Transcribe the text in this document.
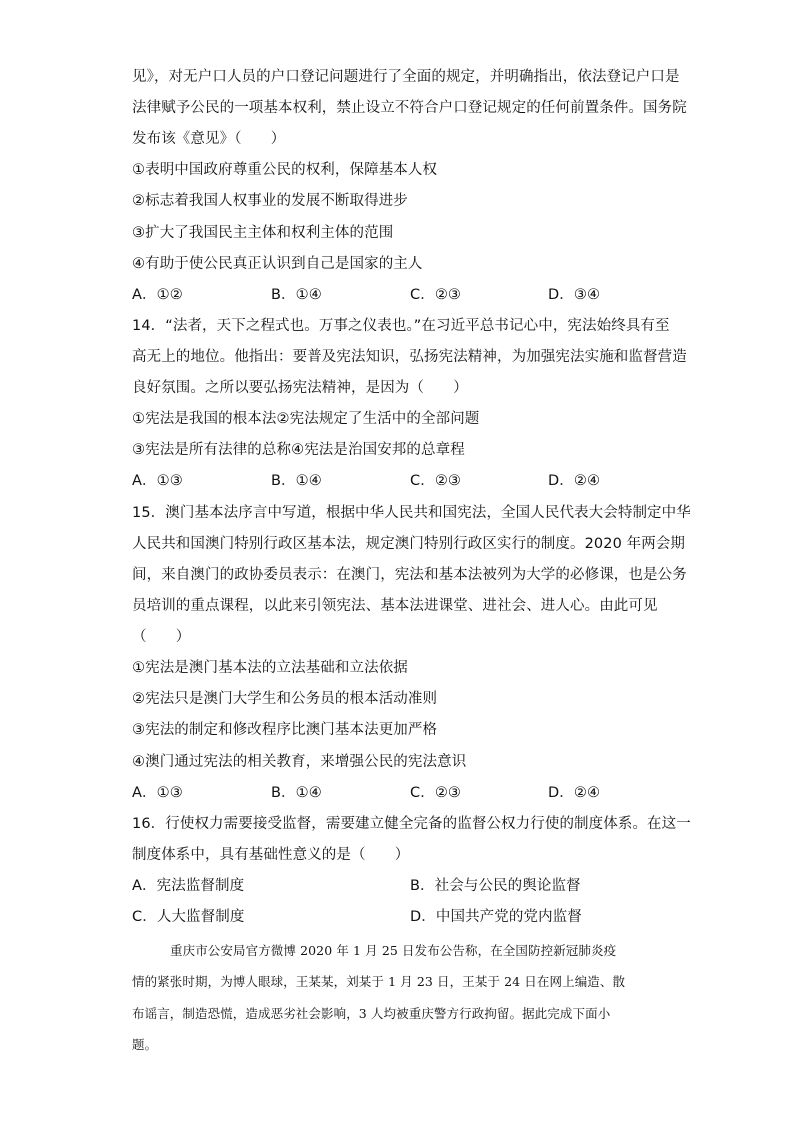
见》，对无户口人员的户口登记问题进行了全面的规定，并明确指出，依法登记户口是
法律赋予公民的一项基本权利，禁止设立不符合户口登记规定的任何前置条件。国务院
发布该《意见》（　　）
①表明中国政府尊重公民的权利，保障基本人权
②标志着我国人权事业的发展不断取得进步
③扩大了我国民主主体和权利主体的范围
④有助于使公民真正认识到自己是国家的主人
A．①②	B．①④	C．②③	D．③④
14．“法者，天下之程式也。万事之仪表也。”在习近平总书记心中，宪法始终具有至
高无上的地位。他指出：要普及宪法知识，弘扬宪法精神，为加强宪法实施和监督营造
良好氛围。之所以要弘扬宪法精神，是因为（　　）
①宪法是我国的根本法②宪法规定了生活中的全部问题
③宪法是所有法律的总称④宪法是治国安邦的总章程
A．①③	B．①④	C．②③	D．②④
15．澳门基本法序言中写道，根据中华人民共和国宪法，全国人民代表大会特制定中华
人民共和国澳门特别行政区基本法，规定澳门特别行政区实行的制度。2020 年两会期
间，来自澳门的政协委员表示：在澳门，宪法和基本法被列为大学的必修课，也是公务
员培训的重点课程，以此来引领宪法、基本法进课堂、进社会、进人心。由此可见
（　　）
①宪法是澳门基本法的立法基础和立法依据
②宪法只是澳门大学生和公务员的根本活动准则
③宪法的制定和修改程序比澳门基本法更加严格
④澳门通过宪法的相关教育，来增强公民的宪法意识
A．①③	B．①④	C．②③	D．②④
16．行使权力需要接受监督，需要建立健全完备的监督公权力行使的制度体系。在这一
制度体系中，具有基础性意义的是（　　）
A．宪法监督制度	B．社会与公民的舆论监督
C．人大监督制度	D．中国共产党的党内监督
重庆市公安局官方微博 2020 年 1 月 25 日发布公告称，在全国防控新冠肺炎疫
情的紧张时期，为博人眼球，王某某，刘某于 1 月 23 日，王某于 24 日在网上编造、散
布谣言，制造恐慌，造成恶劣社会影响，3 人均被重庆警方行政拘留。据此完成下面小
题。
